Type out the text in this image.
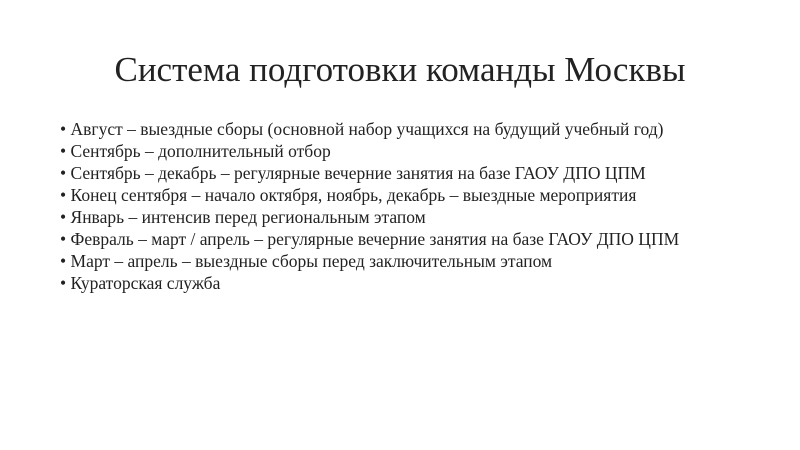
Система подготовки команды Москвы
• Август – выездные сборы (основной набор учащихся на будущий учебный год)
• Сентябрь – дополнительный отбор
• Сентябрь – декабрь – регулярные вечерние занятия на базе ГАОУ ДПО ЦПМ
• Конец сентября – начало октября, ноябрь, декабрь – выездные мероприятия
• Январь – интенсив перед региональным этапом
• Февраль – март / апрель – регулярные вечерние занятия на базе ГАОУ ДПО ЦПМ
• Март – апрель – выездные сборы перед заключительным этапом
• Кураторская служба
